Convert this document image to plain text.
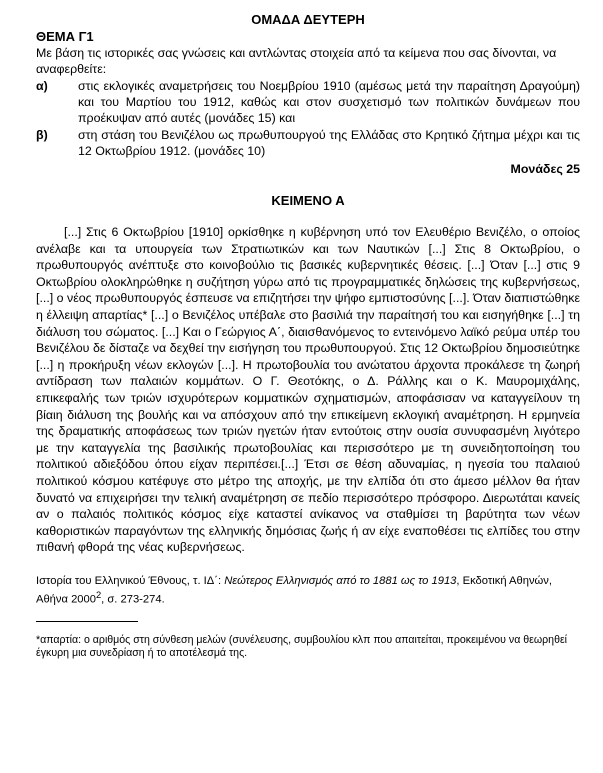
ΟΜΑΔΑ ΔΕΥΤΕΡΗ

ΘΕΜΑ Γ1

Με βάση τις ιστορικές σας γνώσεις και αντλώντας στοιχεία από τα κείμενα που σας δίνονται, να αναφερθείτε:

α)	στις εκλογικές αναμετρήσεις του Νοεμβρίου 1910 (αμέσως μετά την παραίτηση Δραγούμη) και του Μαρτίου του 1912, καθώς και στον συσχετισμό των πολιτικών δυνάμεων που προέκυψαν από αυτές (μονάδες 15) και
β)	στη στάση του Βενιζέλου ως πρωθυπουργού της Ελλάδας στο Κρητικό ζήτημα μέχρι και τις 12 Οκτωβρίου 1912. (μονάδες 10)
Μονάδες 25

ΚΕΙΜΕΝΟ Α

[...] Στις 6 Οκτωβρίου [1910] ορκίσθηκε η κυβέρνηση υπό τον Ελευθέριο Βενιζέλο, ο οποίος ανέλαβε και τα υπουργεία των Στρατιωτικών και των Ναυτικών [...] Στις 8 Οκτωβρίου, ο πρωθυπουργός ανέπτυξε στο κοινοβούλιο τις βασικές κυβερνητικές θέσεις. [...] Όταν [...] στις 9 Οκτωβρίου ολοκληρώθηκε η συζήτηση γύρω από τις προγραμματικές δηλώσεις της κυβερνήσεως, [...] ο νέος πρωθυπουργός έσπευσε να επιζητήσει την ψήφο εμπιστοσύνης [...]. Όταν διαπιστώθηκε η έλλειψη απαρτίας* [...] ο Βενιζέλος υπέβαλε στο βασιλιά την παραίτησή του και εισηγήθηκε [...] τη διάλυση του σώματος. [...] Και ο Γεώργιος Α΄, διαισθανόμενος το εντεινόμενο λαϊκό ρεύμα υπέρ του Βενιζέλου δε δίσταζε να δεχθεί την εισήγηση του πρωθυπουργού. Στις 12 Οκτωβρίου δημοσιεύτηκε [...] η προκήρυξη νέων εκλογών [...]. Η πρωτοβουλία του ανώτατου άρχοντα προκάλεσε τη ζωηρή αντίδραση των παλαιών κομμάτων. Ο Γ. Θεοτόκης, ο Δ. Ράλλης και ο Κ. Μαυρομιχάλης, επικεφαλής των τριών ισχυρότερων κομματικών σχηματισμών, αποφάσισαν να καταγγείλουν τη βίαιη διάλυση της βουλής και να απόσχουν από την επικείμενη εκλογική αναμέτρηση. Η ερμηνεία της δραματικής αποφάσεως των τριών ηγετών ήταν εντούτοις στην ουσία συνυφασμένη λιγότερο με την καταγγελία της βασιλικής πρωτοβουλίας και περισσότερο με τη συνειδητοποίηση του πολιτικού αδιεξόδου όπου είχαν περιπέσει.[...] Έτσι σε θέση αδυναμίας, η ηγεσία του παλαιού πολιτικού κόσμου κατέφυγε στο μέτρο της αποχής, με την ελπίδα ότι στο άμεσο μέλλον θα ήταν δυνατό να επιχειρήσει την τελική αναμέτρηση σε πεδίο περισσότερο πρόσφορο. Διερωτάται κανείς αν ο παλαιός πολιτικός κόσμος είχε καταστεί ανίκανος να σταθμίσει τη βαρύτητα των νέων καθοριστικών παραγόντων της ελληνικής δημόσιας ζωής ή αν είχε εναποθέσει τις ελπίδες του στην πιθανή φθορά της νέας κυβερνήσεως.

Ιστορία του Ελληνικού Έθνους, τ. ΙΔ΄: Νεώτερος Ελληνισμός από το 1881 ως το 1913, Εκδοτική Αθηνών, Αθήνα 2000$^2$, σ. 273-274.
*απαρτία: ο αριθμός στη σύνθεση μελών (συνέλευσης, συμβουλίου κλπ που απαιτείται, προκειμένου να θεωρηθεί έγκυρη μια συνεδρίαση ή το αποτέλεσμά της.
